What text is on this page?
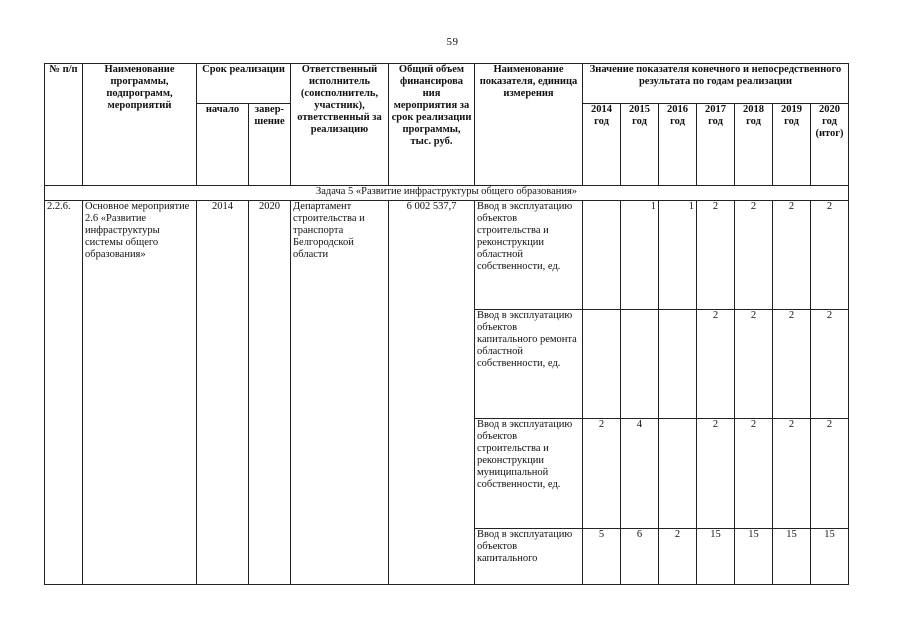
59
№ п/п	Наименование программы, подпрограмм, мероприятий	Срок реализации		Ответственный исполнитель (соисполнитель, участник), ответственный за реализацию	Общий объем финансирова ния мероприятия за срок реализации программы, тыс. руб.	Наименование показателя, единица измерения	Значение показателя конечного и непосредственного результата по годам реализации						
		начало	завер-шение				2014 год	2015 год	2016 год	2017 год	2018 год	2019 год	2020 год (итог)
Задача 5 «Развитие инфраструктуры общего образования»													
2.2.6.	Основное мероприятие 2.6 «Развитие инфраструктуры системы общего образования»	2014	2020	Департамент строительства и транспорта Белгородской области	6 002 537,7	Ввод в эксплуатацию объектов строительства и реконструкции областной собственности, ед.		1	1	2	2	2	2
						Ввод в эксплуатацию объектов капитального ремонта областной собственности, ед.				2	2	2	2
						Ввод в эксплуатацию объектов строительства и реконструкции муниципальной собственности, ед.	2	4		2	2	2	2
						Ввод в эксплуатацию объектов капитального	5	6	2	15	15	15	15
